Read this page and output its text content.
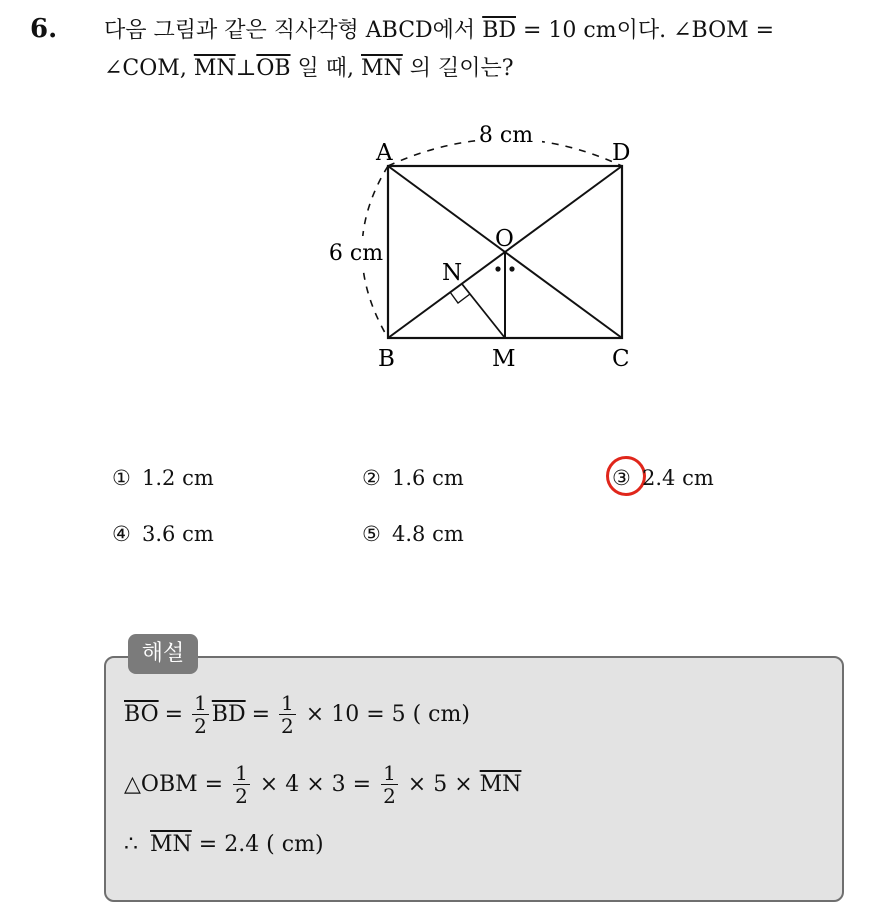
6. 다음 그림과 같은 직사각형 ABCD에서 $\overline{BD} = 10$ cm이다. ∠BOM =
∠COM, $\overline{MN}\perp\overline{OB}$ 일 때, $\overline{MN}$ 의 길이는?
8 cm
6 cm
A	D
B	C
M
O
N
① 1.2 cm	② 1.6 cm	③ 2.4 cm
④ 3.6 cm	⑤ 4.8 cm
해설
$\overline{BO} = \frac{1}{2} \overline{BD} = \frac{1}{2} \times 10 = 5$ ( cm)
△OBM = $\frac{1}{2} \times 4 \times 3 = \frac{1}{2} \times 5 \times \overline{MN}$
∴ $\overline{MN} = 2.4$ ( cm)
